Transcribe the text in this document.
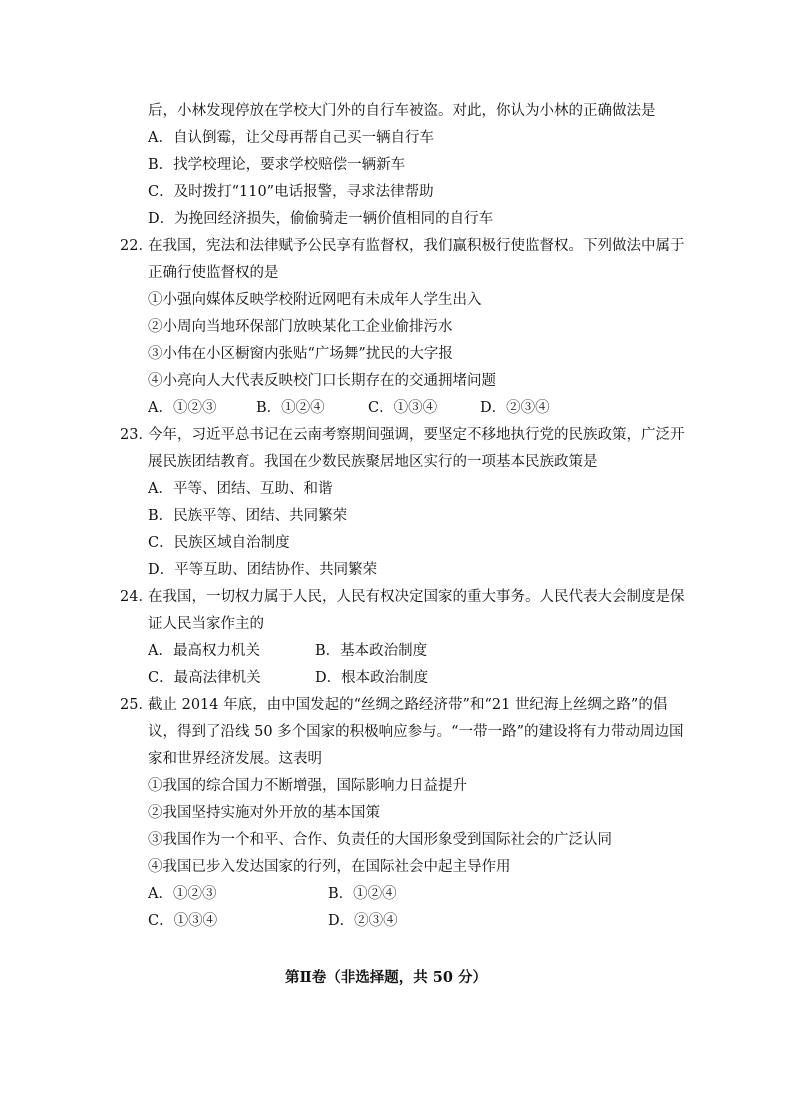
后，小林发现停放在学校大门外的自行车被盗。对此，你认为小林的正确做法是
A．自认倒霉，让父母再帮自己买一辆自行车
B．找学校理论，要求学校赔偿一辆新车
C．及时拨打“110”电话报警，寻求法律帮助
D．为挽回经济损失，偷偷骑走一辆价值相同的自行车
22．
在我国，宪法和法律赋予公民享有监督权，我们赢积极行使监督权。下列做法中属于
正确行使监督权的是
①小强向媒体反映学校附近网吧有未成年人学生出入
②小周向当地环保部门放映某化工企业偷排污水
③小伟在小区橱窗内张贴“广场舞”扰民的大字报
④小亮向人大代表反映校门口长期存在的交通拥堵问题
A．①②③	B．①②④	C．①③④	D．②③④
23．
今年，习近平总书记在云南考察期间强调，要坚定不移地执行党的民族政策，广泛开
展民族团结教育。我国在少数民族聚居地区实行的一项基本民族政策是
A．平等、团结、互助、和谐
B．民族平等、团结、共同繁荣
C．民族区域自治制度
D．平等互助、团结协作、共同繁荣
24．
在我国，一切权力属于人民，人民有权决定国家的重大事务。人民代表大会制度是保
证人民当家作主的
A．最高权力机关	B．基本政治制度
C．最高法律机关	D．根本政治制度
25．
截止 2014 年底，由中国发起的“丝绸之路经济带”和“21 世纪海上丝绸之路”的倡
议，得到了沿线 50 多个国家的积极响应参与。“一带一路”的建设将有力带动周边国
家和世界经济发展。这表明
①我国的综合国力不断增强，国际影响力日益提升
②我国坚持实施对外开放的基本国策
③我国作为一个和平、合作、负责任的大国形象受到国际社会的广泛认同
④我国已步入发达国家的行列，在国际社会中起主导作用
A．①②③	B．①②④
C．①③④	D．②③④
第Ⅱ卷（非选择题，共 50 分）
